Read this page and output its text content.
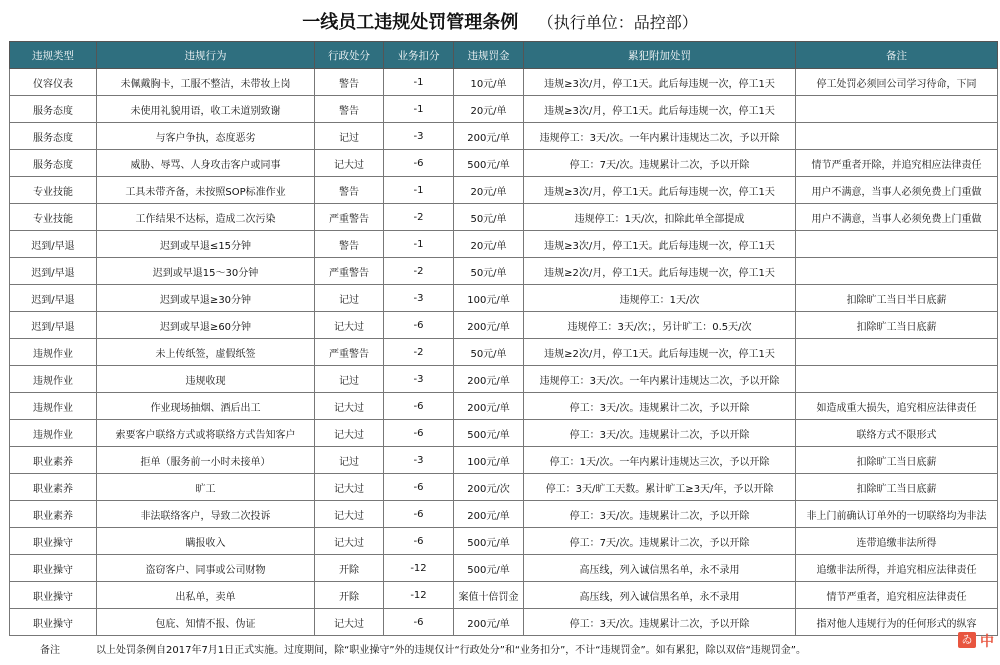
一线员工违规处罚管理条例 （执行单位：品控部）
违规类型	违规行为	行政处分	业务扣分	违规罚金	累犯附加处罚	备注
仪容仪表	未佩戴胸卡，工服不整洁，未带妆上岗	警告	-1	10元/单	违规≥3次/月，停工1天。此后每违规一次，停工1天	停工处罚必须回公司学习待命，下同
服务态度	未使用礼貌用语，收工未道别致谢	警告	-1	20元/单	违规≥3次/月，停工1天。此后每违规一次，停工1天	
服务态度	与客户争执，态度恶劣	记过	-3	200元/单	违规停工：3天/次。一年内累计违规达二次，予以开除	
服务态度	威胁、辱骂、人身攻击客户或同事	记大过	-6	500元/单	停工：7天/次。违规累计二次，予以开除	情节严重者开除，并追究相应法律责任
专业技能	工具未带齐备，未按照SOP标准作业	警告	-1	20元/单	违规≥3次/月，停工1天。此后每违规一次，停工1天	用户不满意，当事人必须免费上门重做
专业技能	工作结果不达标，造成二次污染	严重警告	-2	50元/单	违规停工：1天/次，扣除此单全部提成	用户不满意，当事人必须免费上门重做
迟到/早退	迟到或早退≤15分钟	警告	-1	20元/单	违规≥3次/月，停工1天。此后每违规一次，停工1天	
迟到/早退	迟到或早退15～30分钟	严重警告	-2	50元/单	违规≥2次/月，停工1天。此后每违规一次，停工1天	
迟到/早退	迟到或早退≥30分钟	记过	-3	100元/单	违规停工：1天/次	扣除旷工当日半日底薪
迟到/早退	迟到或早退≥60分钟	记大过	-6	200元/单	违规停工：3天/次；，另计旷工：0.5天/次	扣除旷工当日底薪
违规作业	未上传纸签，虚假纸签	严重警告	-2	50元/单	违规≥2次/月，停工1天。此后每违规一次，停工1天	
违规作业	违规收现	记过	-3	200元/单	违规停工：3天/次。一年内累计违规达二次，予以开除	
违规作业	作业现场抽烟、酒后出工	记大过	-6	200元/单	停工：3天/次。违规累计二次，予以开除	如造成重大损失，追究相应法律责任
违规作业	索要客户联络方式或将联络方式告知客户	记大过	-6	500元/单	停工：3天/次。违规累计二次，予以开除	联络方式不限形式
职业素养	拒单（服务前一小时未接单）	记过	-3	100元/单	停工：1天/次。一年内累计违规达三次，予以开除	扣除旷工当日底薪
职业素养	旷工	记大过	-6	200元/次	停工：3天/旷工天数。累计旷工≥3天/年，予以开除	扣除旷工当日底薪
职业素养	非法联络客户，导致二次投诉	记大过	-6	200元/单	停工：3天/次。违规累计二次，予以开除	非上门前确认订单外的一切联络均为非法
职业操守	瞒报收入	记大过	-6	500元/单	停工：7天/次。违规累计二次，予以开除	连带追缴非法所得
职业操守	盗窃客户、同事或公司财物	开除	-12	500元/单	高压线，列入诚信黑名单，永不录用	追缴非法所得，并追究相应法律责任
职业操守	出私单，卖单	开除	-12	案值十倍罚金	高压线，列入诚信黑名单，永不录用	情节严重者，追究相应法律责任
职业操守	包庇、知情不报、伪证	记大过	-6	200元/单	停工：3天/次。违规累计二次，予以开除	指对他人违规行为的任何形式的纵容
备注	以上处罚条例自2017年7月1日正式实施。过度期间，除“职业操守”外的违规仅计“行政处分”和“业务扣分”，不计“违规罚金”。如有累犯，除以双倍“违规罚金”。
ゐ 中
